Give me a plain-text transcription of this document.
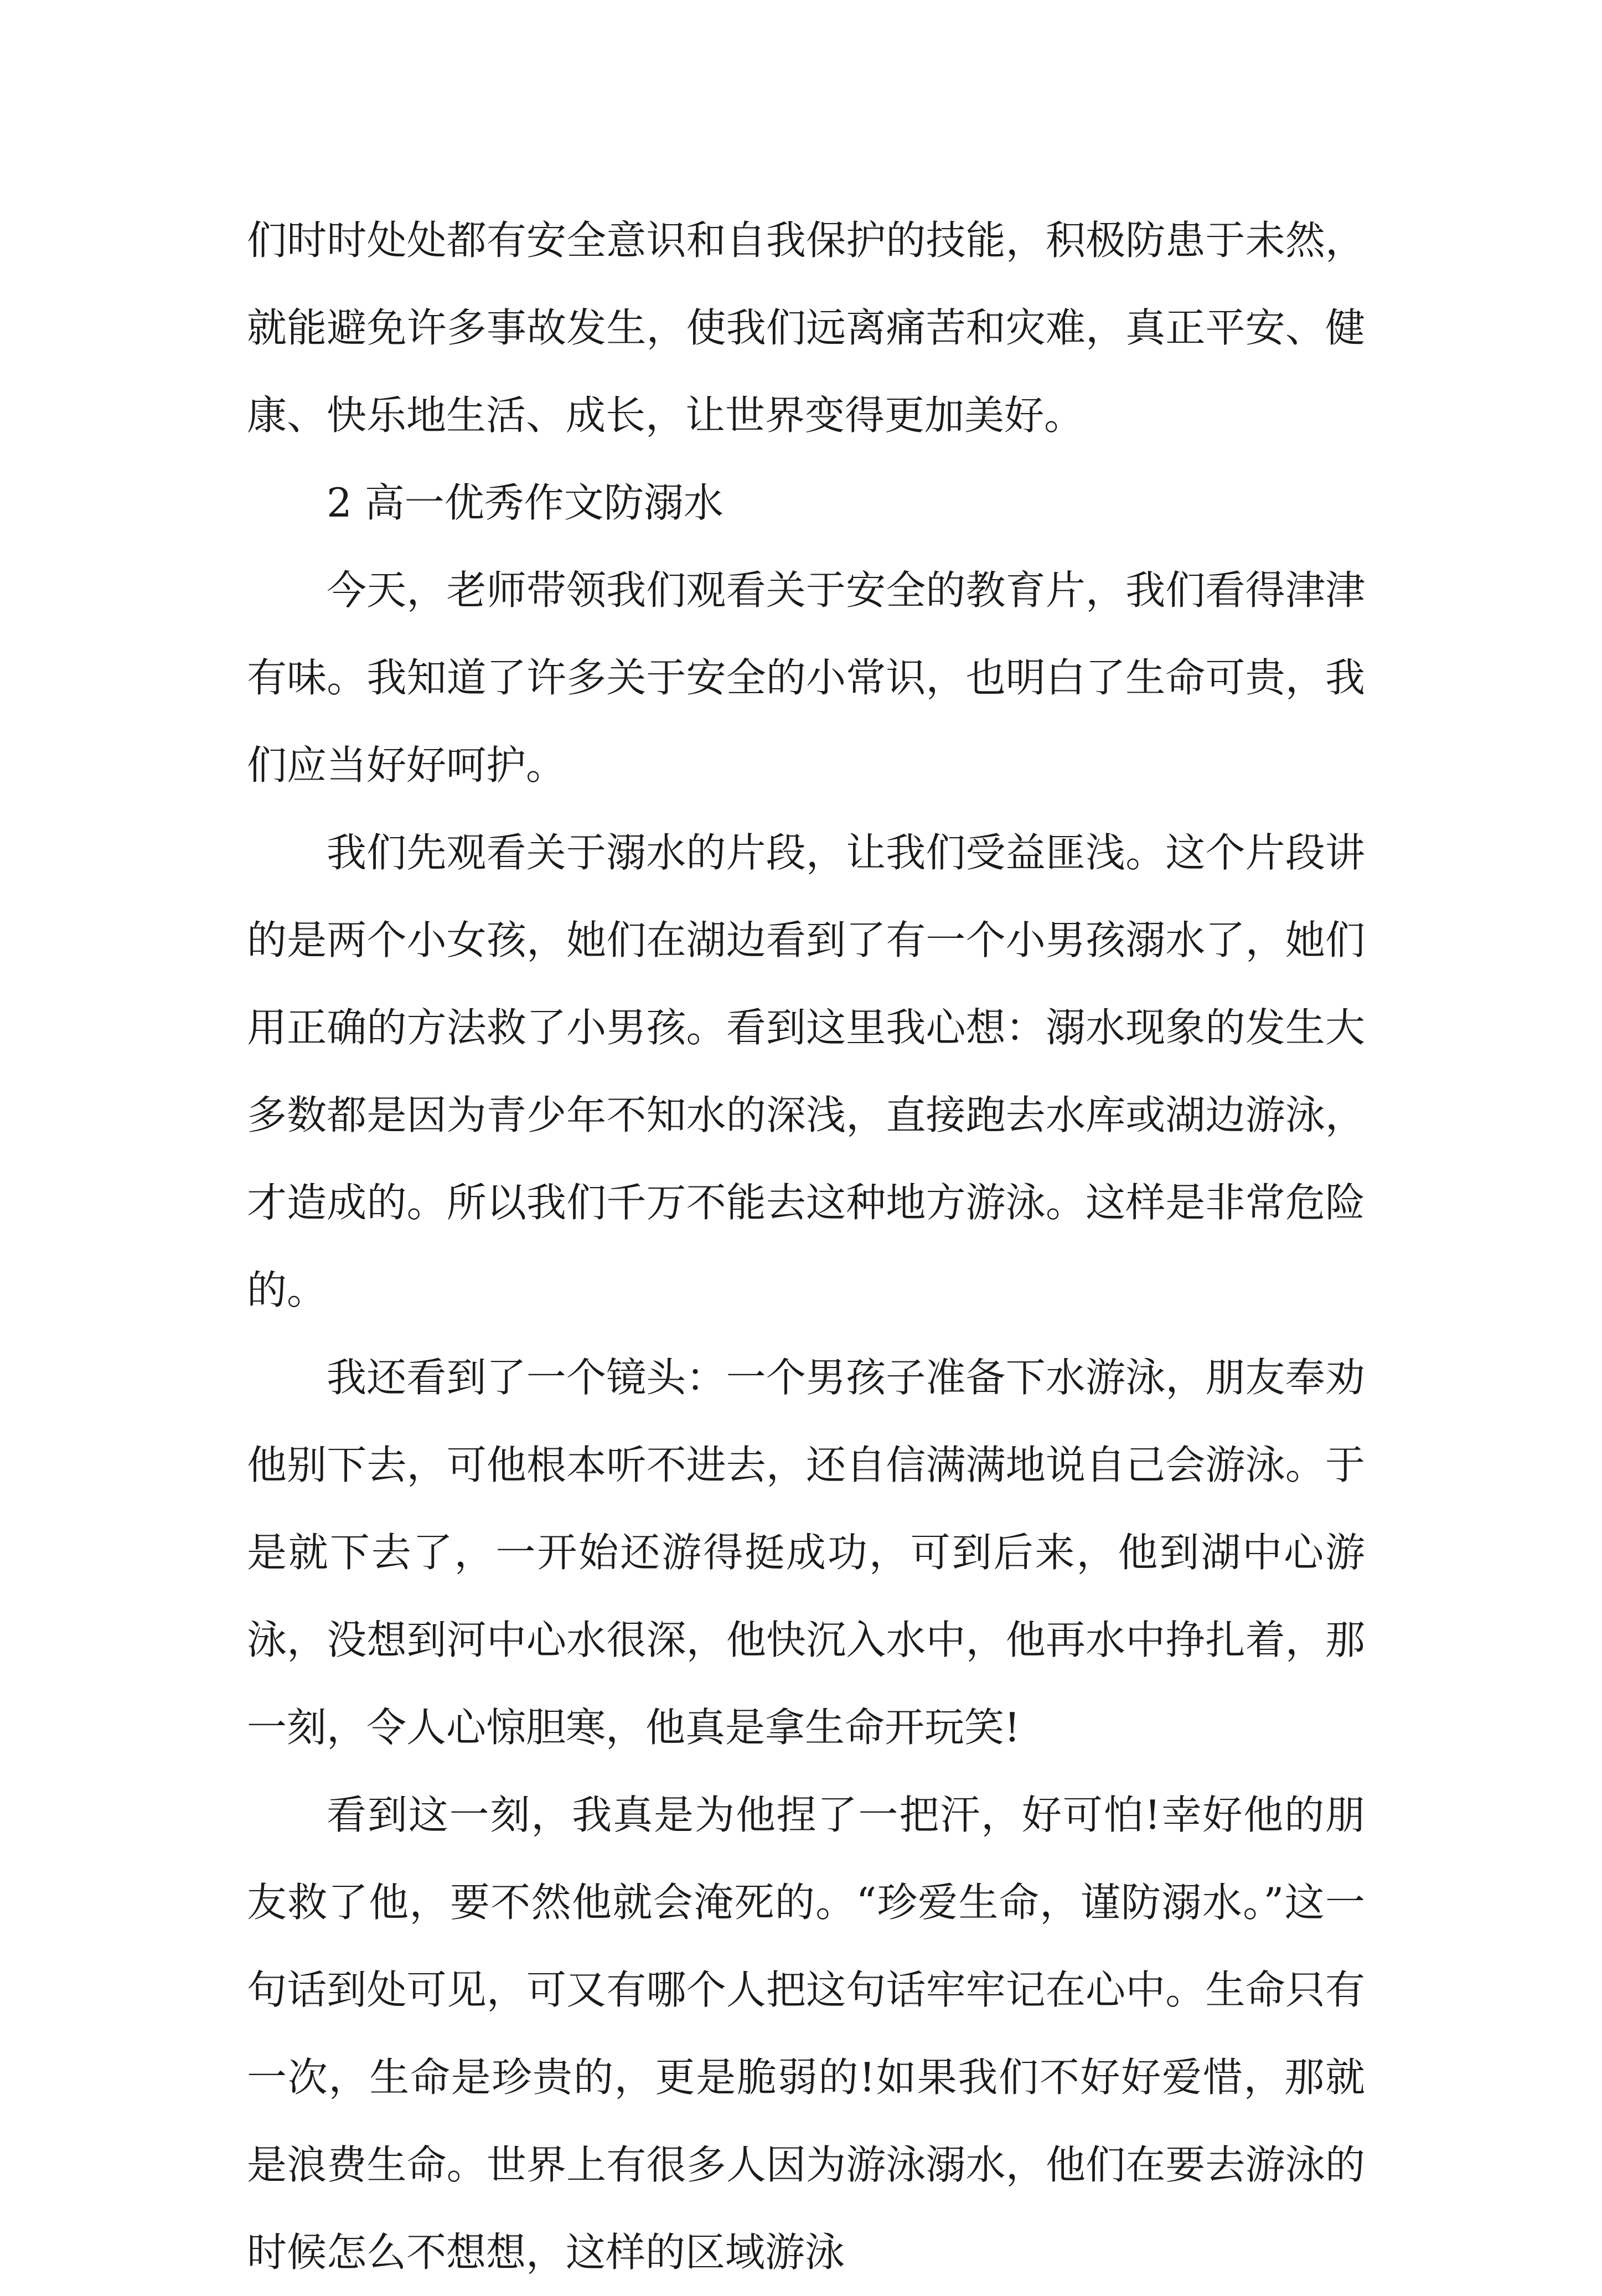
们时时处处都有安全意识和自我保护的技能，积极防患于未然，就能避免许多事故发生，使我们远离痛苦和灾难，真正平安、健康、快乐地生活、成长，让世界变得更加美好。

2 高一优秀作文防溺水

今天，老师带领我们观看关于安全的教育片，我们看得津津有味。我知道了许多关于安全的小常识，也明白了生命可贵，我们应当好好呵护。

我们先观看关于溺水的片段，让我们受益匪浅。这个片段讲的是两个小女孩，她们在湖边看到了有一个小男孩溺水了，她们用正确的方法救了小男孩。看到这里我心想：溺水现象的发生大多数都是因为青少年不知水的深浅，直接跑去水库或湖边游泳，才造成的。所以我们千万不能去这种地方游泳。这样是非常危险的。

我还看到了一个镜头：一个男孩子准备下水游泳，朋友奉劝他别下去，可他根本听不进去，还自信满满地说自己会游泳。于是就下去了，一开始还游得挺成功，可到后来，他到湖中心游泳，没想到河中心水很深，他快沉入水中，他再水中挣扎着，那一刻，令人心惊胆寒，他真是拿生命开玩笑!

看到这一刻，我真是为他捏了一把汗，好可怕!幸好他的朋友救了他，要不然他就会淹死的。“珍爱生命，谨防溺水。”这一句话到处可见，可又有哪个人把这句话牢牢记在心中。生命只有一次，生命是珍贵的，更是脆弱的!如果我们不好好爱惜，那就是浪费生命。世界上有很多人因为游泳溺水，他们在要去游泳的时候怎么不想想，这样的区域游泳
